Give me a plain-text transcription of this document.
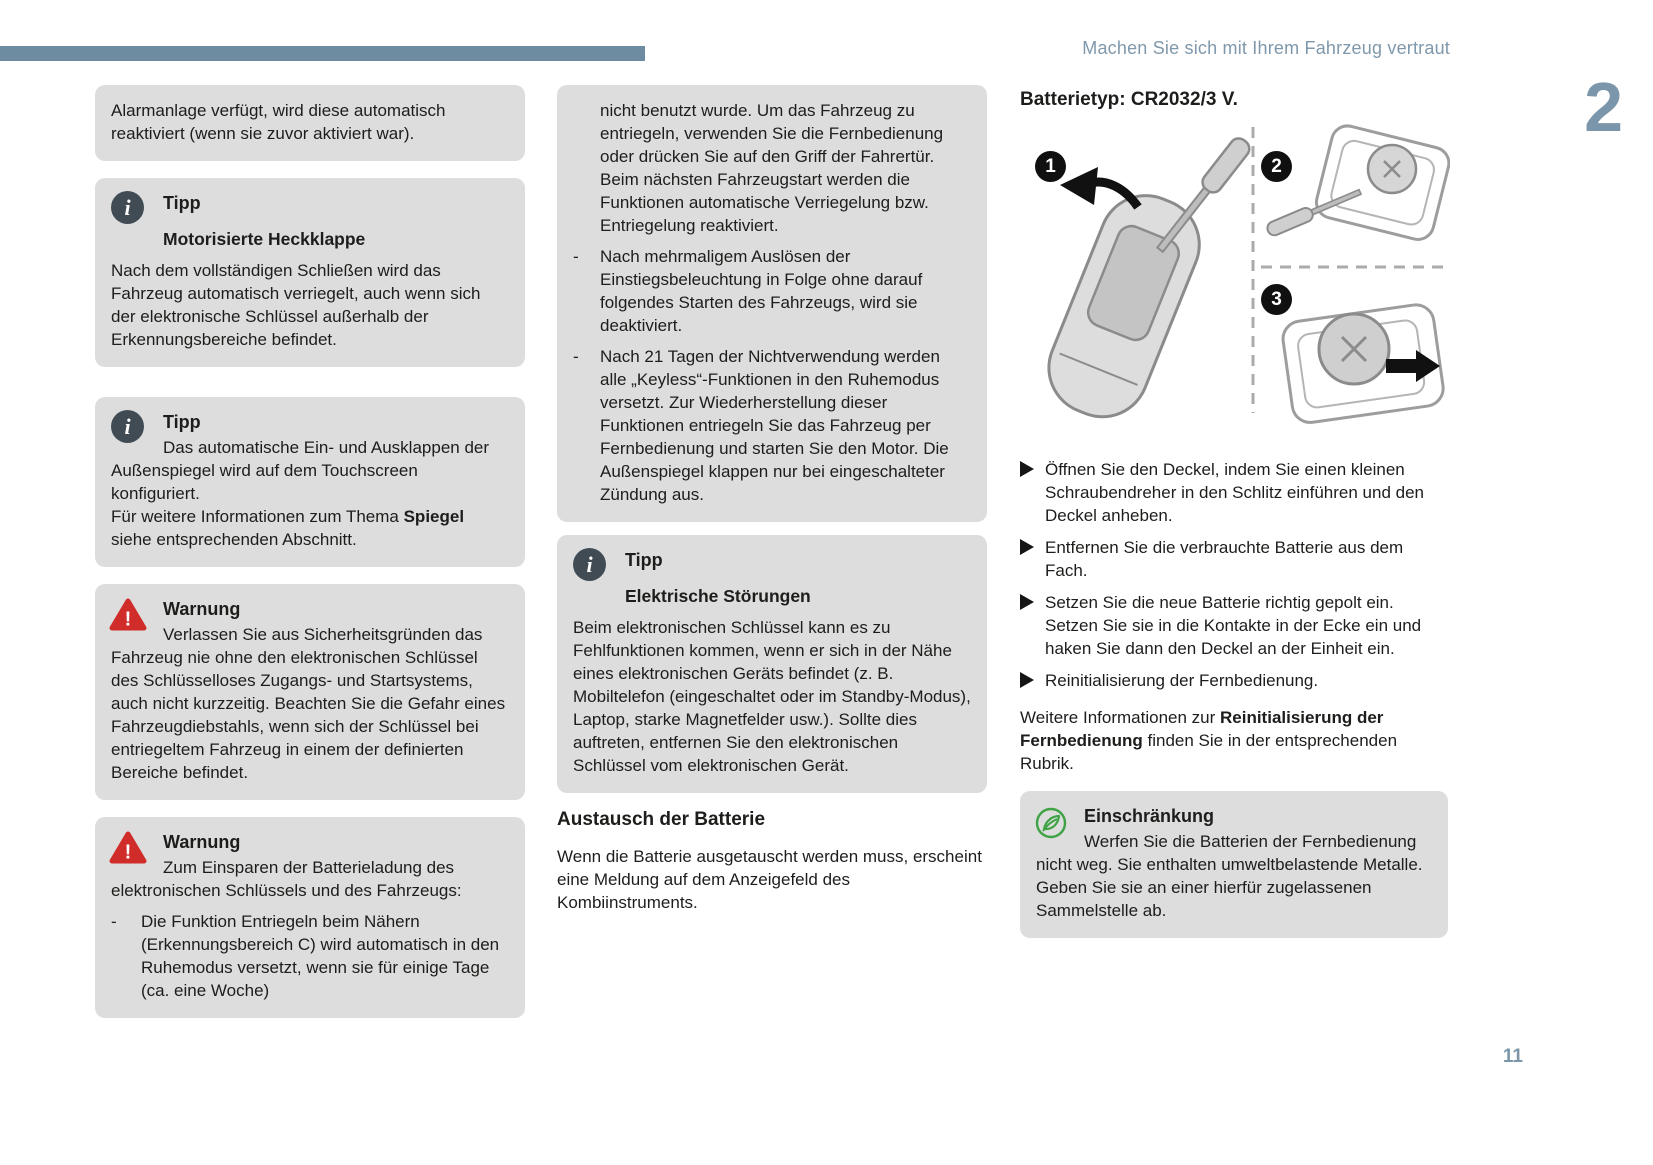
Machen Sie sich mit Ihrem Fahrzeug vertraut
2
11

Alarmanlage verfügt, wird diese automatisch reaktiviert (wenn sie zuvor aktiviert war).

i Tipp
Motorisierte Heckklappe

Nach dem vollständigen Schließen wird das Fahrzeug automatisch verriegelt, auch wenn sich der elektronische Schlüssel außerhalb der Erkennungsbereiche befindet.

i Tipp

Das automatische Ein- und Ausklappen der Außenspiegel wird auf dem Touchscreen konfiguriert.

Für weitere Informationen zum Thema Spiegel siehe entsprechenden Abschnitt.

! Warnung

Verlassen Sie aus Sicherheitsgründen das Fahrzeug nie ohne den elektronischen Schlüssel des Schlüsselloses Zugangs- und Startsystems, auch nicht kurzzeitig. Beachten Sie die Gefahr eines Fahrzeugdiebstahls, wenn sich der Schlüssel bei entriegeltem Fahrzeug in einem der definierten Bereiche befindet.

! Warnung

Zum Einsparen der Batterieladung des elektronischen Schlüssels und des Fahrzeugs:

-	Die Funktion Entriegeln beim Nähern (Erkennungsbereich C) wird automatisch in den Ruhemodus versetzt, wenn sie für einige Tage (ca. eine Woche)

nicht benutzt wurde. Um das Fahrzeug zu entriegeln, verwenden Sie die Fernbedienung oder drücken Sie auf den Griff der Fahrertür. Beim nächsten Fahrzeugstart werden die Funktionen automatische Verriegelung bzw. Entriegelung reaktiviert.

-	Nach mehrmaligem Auslösen der Einstiegsbeleuchtung in Folge ohne darauf folgendes Starten des Fahrzeugs, wird sie deaktiviert.
-	Nach 21 Tagen der Nichtverwendung werden alle „Keyless“-Funktionen in den Ruhemodus versetzt. Zur Wiederherstellung dieser Funktionen entriegeln Sie das Fahrzeug per Fernbedienung und starten Sie den Motor. Die Außenspiegel klappen nur bei eingeschalteter Zündung aus.
i Tipp
Elektrische Störungen

Beim elektronischen Schlüssel kann es zu Fehlfunktionen kommen, wenn er sich in der Nähe eines elektronischen Geräts befindet (z. B. Mobiltelefon (eingeschaltet oder im Standby-Modus), Laptop, starke Magnetfelder usw.). Sollte dies auftreten, entfernen Sie den elektronischen Schlüssel vom elektronischen Gerät.

Austausch der Batterie

Wenn die Batterie ausgetauscht werden muss, erscheint eine Meldung auf dem Anzeigefeld des Kombiinstruments.

Batterietyp: CR2032/3 V.
1	2
3
Öffnen Sie den Deckel, indem Sie einen kleinen Schraubendreher in den Schlitz einführen und den Deckel anheben.
Entfernen Sie die verbrauchte Batterie aus dem Fach.
Setzen Sie die neue Batterie richtig gepolt ein. Setzen Sie sie in die Kontakte in der Ecke ein und haken Sie dann den Deckel an der Einheit ein.
Reinitialisierung der Fernbedienung.

Weitere Informationen zur Reinitialisierung der Fernbedienung finden Sie in der entsprechenden Rubrik.

Einschränkung

Werfen Sie die Batterien der Fernbedienung nicht weg. Sie enthalten umweltbelastende Metalle. Geben Sie sie an einer hierfür zugelassenen Sammelstelle ab.
